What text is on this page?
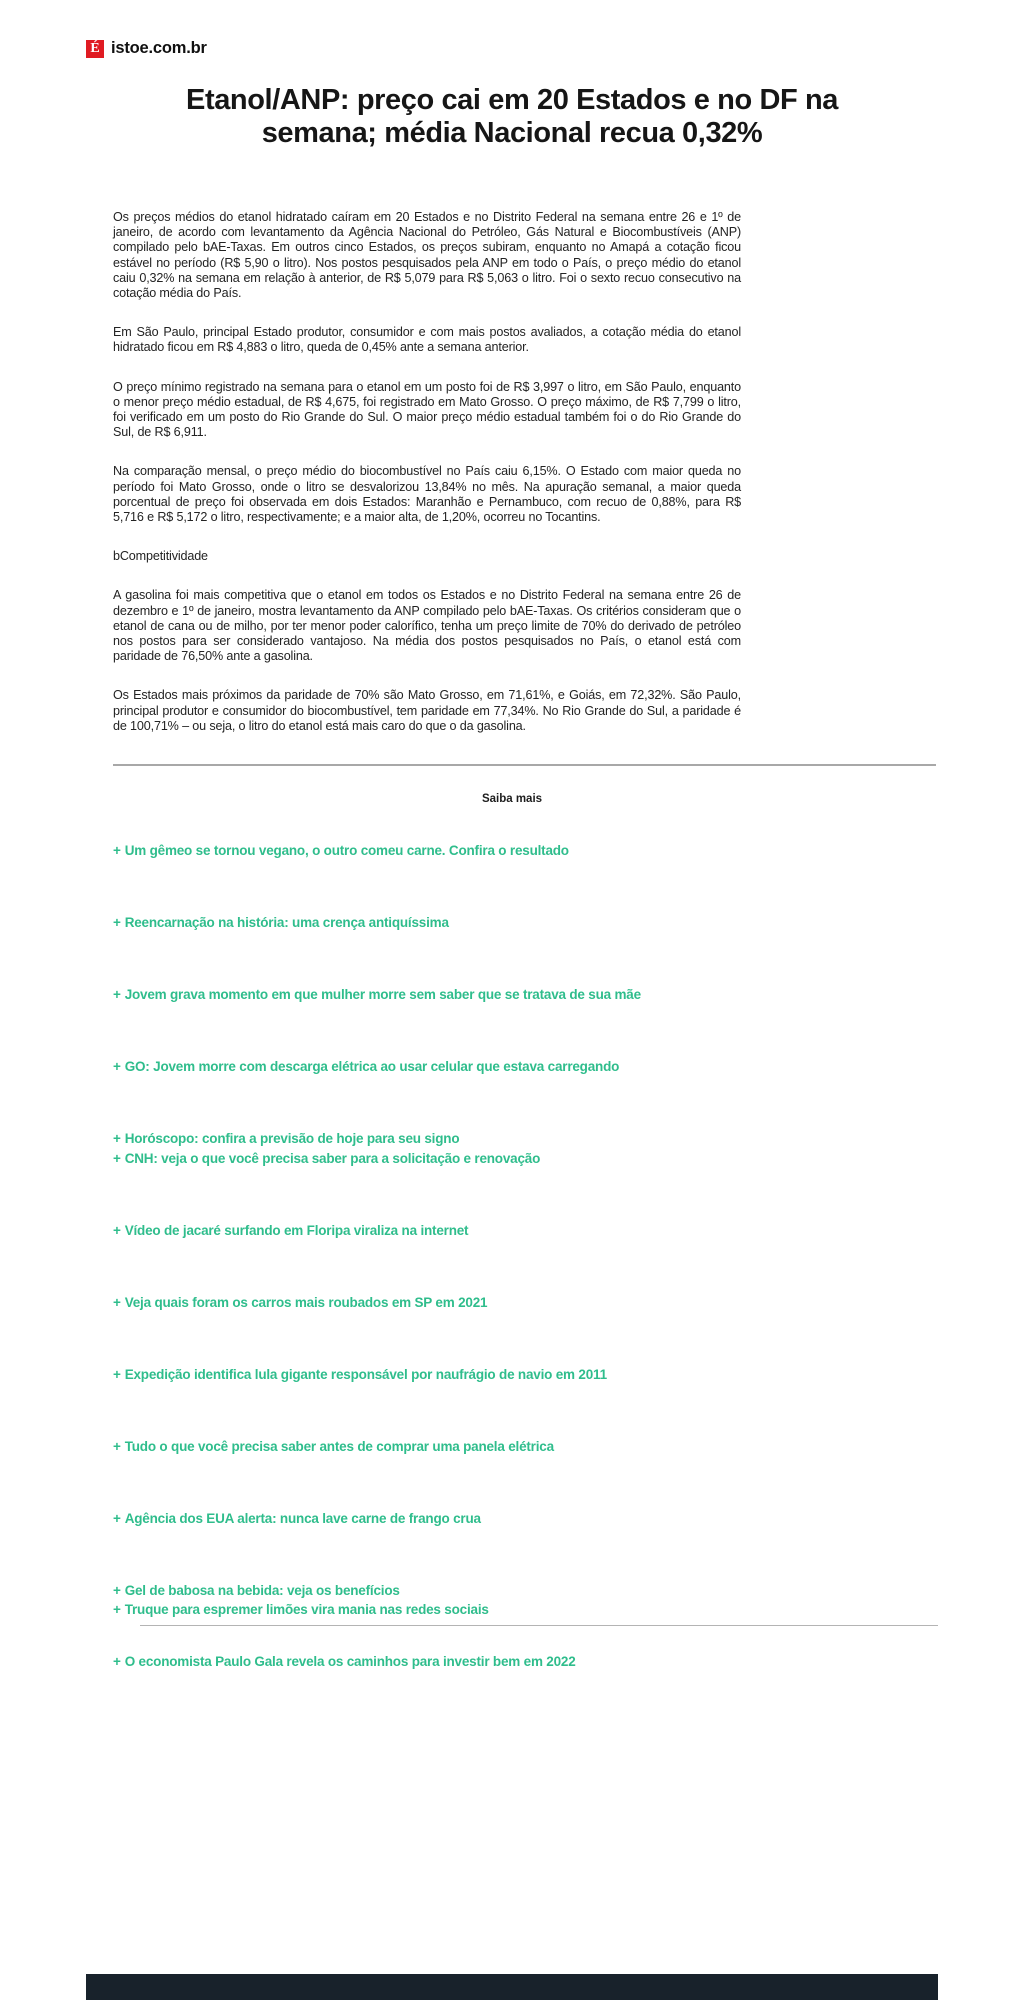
É istoe.com.br
Etanol/ANP: preço cai em 20 Estados e no DF na
semana; média Nacional recua 0,32%

Os preços médios do etanol hidratado caíram em 20 Estados e no Distrito Federal na semana entre 26 e 1º de janeiro, de acordo com levantamento da Agência Nacional do Petróleo, Gás Natural e Biocombustíveis (ANP) compilado pelo bAE-Taxas. Em outros cinco Estados, os preços subiram, enquanto no Amapá a cotação ficou estável no período (R$ 5,90 o litro). Nos postos pesquisados pela ANP em todo o País, o preço médio do etanol caiu 0,32% na semana em relação à anterior, de R$ 5,079 para R$ 5,063 o litro. Foi o sexto recuo consecutivo na cotação média do País.

Em São Paulo, principal Estado produtor, consumidor e com mais postos avaliados, a cotação média do etanol hidratado ficou em R$ 4,883 o litro, queda de 0,45% ante a semana anterior.

O preço mínimo registrado na semana para o etanol em um posto foi de R$ 3,997 o litro, em São Paulo, enquanto o menor preço médio estadual, de R$ 4,675, foi registrado em Mato Grosso. O preço máximo, de R$ 7,799 o litro, foi verificado em um posto do Rio Grande do Sul. O maior preço médio estadual também foi o do Rio Grande do Sul, de R$ 6,911.

Na comparação mensal, o preço médio do biocombustível no País caiu 6,15%. O Estado com maior queda no período foi Mato Grosso, onde o litro se desvalorizou 13,84% no mês. Na apuração semanal, a maior queda porcentual de preço foi observada em dois Estados: Maranhão e Pernambuco, com recuo de 0,88%, para R$ 5,716 e R$ 5,172 o litro, respectivamente; e a maior alta, de 1,20%, ocorreu no Tocantins.

bCompetitividade

A gasolina foi mais competitiva que o etanol em todos os Estados e no Distrito Federal na semana entre 26 de dezembro e 1º de janeiro, mostra levantamento da ANP compilado pelo bAE-Taxas. Os critérios consideram que o etanol de cana ou de milho, por ter menor poder calorífico, tenha um preço limite de 70% do derivado de petróleo nos postos para ser considerado vantajoso. Na média dos postos pesquisados no País, o etanol está com paridade de 76,50% ante a gasolina.

Os Estados mais próximos da paridade de 70% são Mato Grosso, em 71,61%, e Goiás, em 72,32%. São Paulo, principal produtor e consumidor do biocombustível, tem paridade em 77,34%. No Rio Grande do Sul, a paridade é de 100,71% – ou seja, o litro do etanol está mais caro do que o da gasolina.

Saiba mais
+ Um gêmeo se tornou vegano, o outro comeu carne. Confira o resultado
+ Reencarnação na história: uma crença antiquíssima
+ Jovem grava momento em que mulher morre sem saber que se tratava de sua mãe
+ GO: Jovem morre com descarga elétrica ao usar celular que estava carregando
+ Horóscopo: confira a previsão de hoje para seu signo
+ CNH: veja o que você precisa saber para a solicitação e renovação
+ Vídeo de jacaré surfando em Floripa viraliza na internet
+ Veja quais foram os carros mais roubados em SP em 2021
+ Expedição identifica lula gigante responsável por naufrágio de navio em 2011
+ Tudo o que você precisa saber antes de comprar uma panela elétrica
+ Agência dos EUA alerta: nunca lave carne de frango crua
+ Gel de babosa na bebida: veja os benefícios
+ Truque para espremer limões vira mania nas redes sociais
+ O economista Paulo Gala revela os caminhos para investir bem em 2022
